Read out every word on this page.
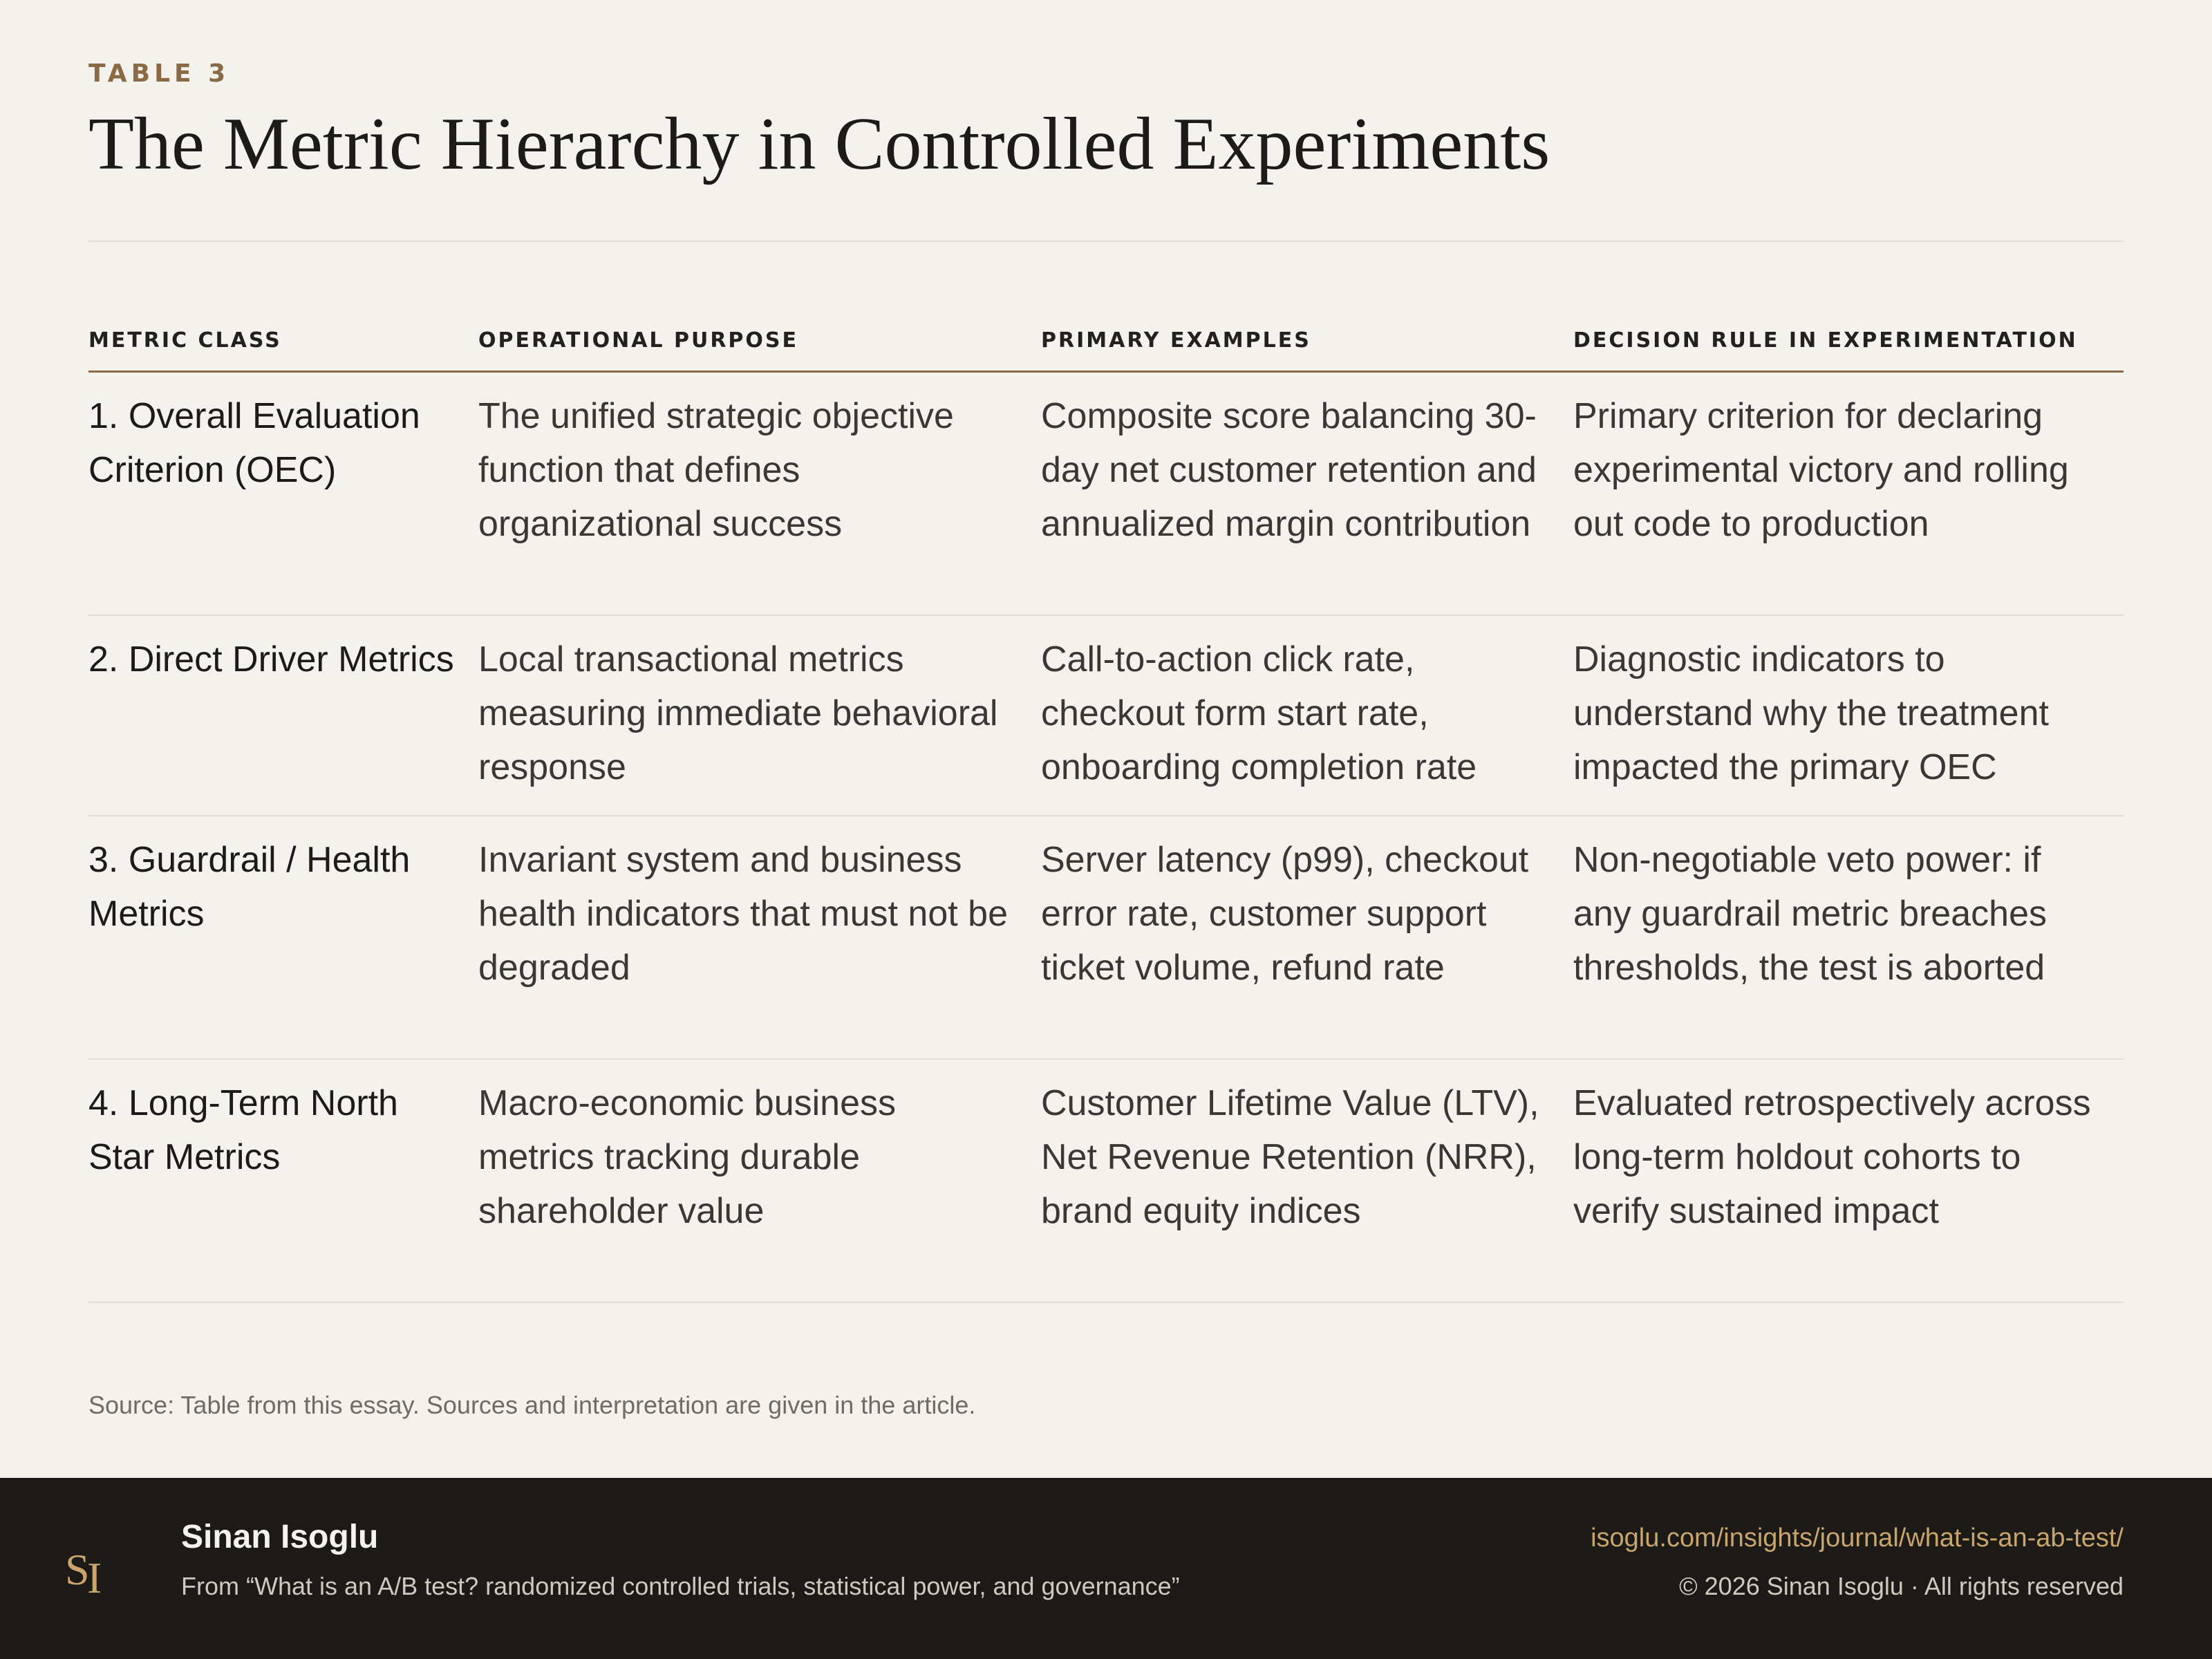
TABLE 3
The Metric Hierarchy in Controlled Experiments
METRIC CLASS	OPERATIONAL PURPOSE	PRIMARY EXAMPLES	DECISION RULE IN EXPERIMENTATION
1. Overall Evaluation Criterion (OEC)	The unified strategic objective function that defines organizational success	Composite score balancing 30-day net customer retention and annualized margin contribution	Primary criterion for declaring experimental victory and rolling out code to production
2. Direct Driver Metrics	Local transactional metrics measuring immediate behavioral response	Call-to-action click rate, checkout form start rate, onboarding completion rate	Diagnostic indicators to understand why the treatment impacted the primary OEC
3. Guardrail / Health Metrics	Invariant system and business health indicators that must not be degraded	Server latency (p99), checkout error rate, customer support ticket volume, refund rate	Non-negotiable veto power: if any guardrail metric breaches thresholds, the test is aborted
4. Long-Term North Star Metrics	Macro-economic business metrics tracking durable shareholder value	Customer Lifetime Value (LTV), Net Revenue Retention (NRR), brand equity indices	Evaluated retrospectively across long-term holdout cohorts to verify sustained impact
Source: Table from this essay. Sources and interpretation are given in the article.
S
I
Sinan Isoglu
From “What is an A/B test? randomized controlled trials, statistical power, and governance”
isoglu.com/insights/journal/what-is-an-ab-test/
© 2026 Sinan Isoglu · All rights reserved
